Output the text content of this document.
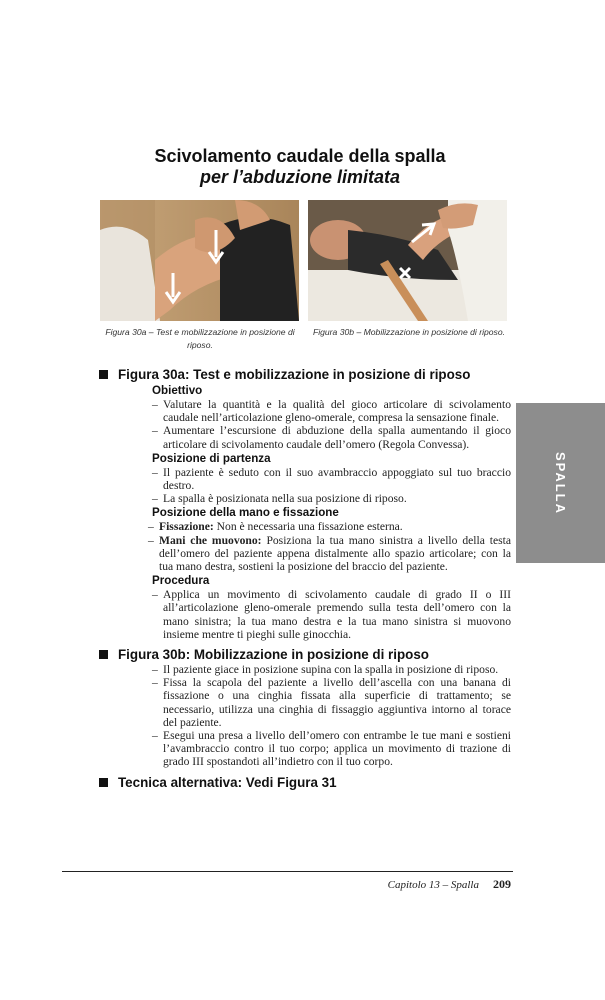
Scivolamento caudale della spalla
per l’abduzione limitata
Figura 30a – Test e mobilizzazione in posizione di riposo.
Figura 30b – Mobilizzazione in posizione di riposo.
Figura 30a: Test e mobilizzazione in posizione di riposo
Obiettivo
– Valutare la quantità e la qualità del gioco articolare di scivolamento caudale nell’articolazione gleno-omerale, compresa la sensazione finale.
– Aumentare l’escursione di abduzione della spalla aumentando il gioco articolare di scivolamento caudale dell’omero (Regola Convessa).
Posizione di partenza
– Il paziente è seduto con il suo avambraccio appoggiato sul tuo braccio destro.
– La spalla è posizionata nella sua posizione di riposo.
Posizione della mano e fissazione
– Fissazione: Non è necessaria una fissazione esterna.
– Mani che muovono: Posiziona la tua mano sinistra a livello della testa dell’omero del paziente appena distalmente allo spazio articolare; con la tua mano destra, sostieni la posizione del braccio del paziente.
Procedura
– Applica un movimento di scivolamento caudale di grado II o III all’articolazione gleno-omerale premendo sulla testa dell’omero con la mano sinistra; la tua mano destra e la tua mano sinistra si muovono insieme mentre ti pieghi sulle ginocchia.
Figura 30b: Mobilizzazione in posizione di riposo
– Il paziente giace in posizione supina con la spalla in posizione di riposo.
– Fissa la scapola del paziente a livello dell’ascella con una banana di fissazione o una cinghia fissata alla superficie di trattamento; se necessario, utilizza una cinghia di fissaggio aggiuntiva intorno al torace del paziente.
– Esegui una presa a livello dell’omero con entrambe le tue mani e sostieni l’avambraccio contro il tuo corpo; applica un movimento di trazione di grado III spostandoti all’indietro con il tuo corpo.
Tecnica alternativa: Vedi Figura 31
SPALLA
Capitolo 13 – Spalla 209
